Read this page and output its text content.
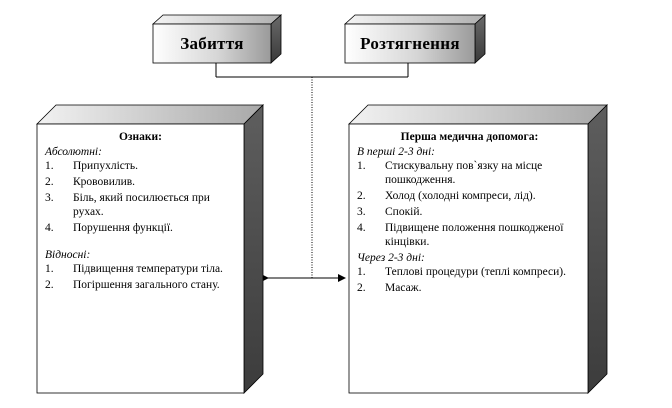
Забиття	Розтягнення
Ознаки:
Абсолютні:
1. Припухлість.
2. Крововилив.
3. Біль, який посилюється при рухах.
4. Порушення функції.
Відносні:
1. Підвищення температури тіла.
2. Погіршення загального стану.
Перша медична допомога:
В перші 2-3 дні:
1. Стискувальну пов`язку на місце пошкодження.
2. Холод (холодні компреси, лід).
3. Спокій.
4. Підвищене положення пошкодженої кінцівки.
Через 2-3 дні:
1. Теплові процедури (теплі компреси).
2. Масаж.
